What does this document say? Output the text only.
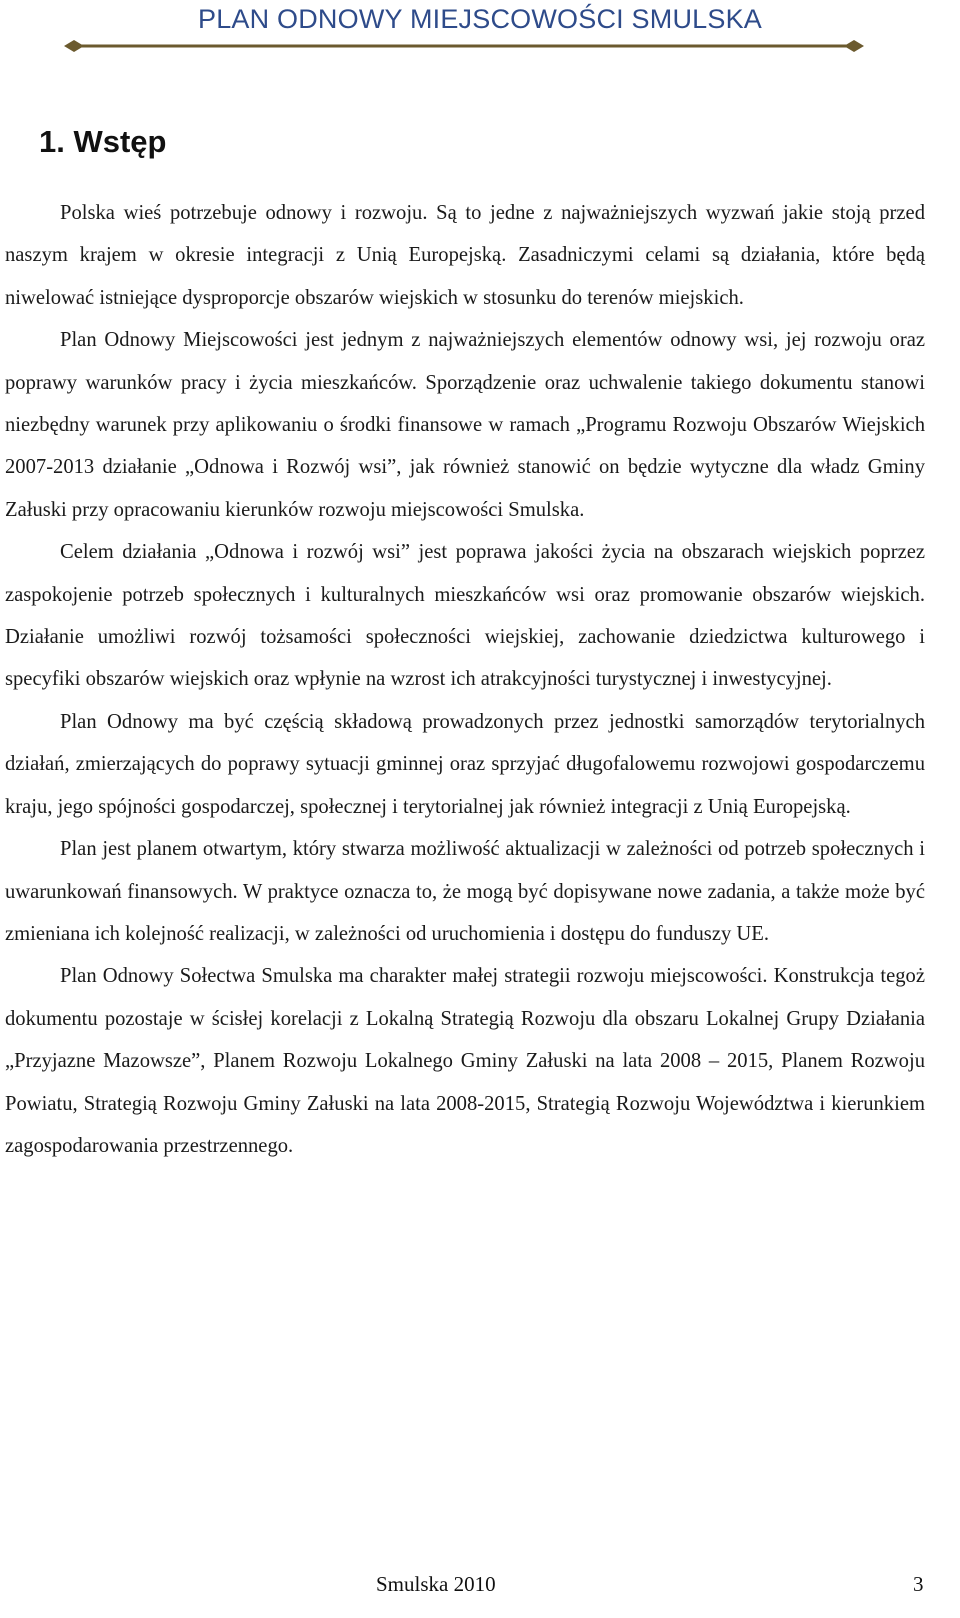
PLAN ODNOWY MIEJSCOWOŚCI SMULSKA
1. Wstęp

Polska wieś potrzebuje odnowy i rozwoju. Są to jedne z najważniejszych wyzwań jakie stoją przed naszym krajem w okresie integracji z Unią Europejską. Zasadniczymi celami są działania, które będą niwelować istniejące dysproporcje obszarów wiejskich w stosunku do terenów miejskich.

Plan Odnowy Miejscowości jest jednym z najważniejszych elementów odnowy wsi, jej rozwoju oraz poprawy warunków pracy i życia mieszkańców. Sporządzenie oraz uchwalenie takiego dokumentu stanowi niezbędny warunek przy aplikowaniu o środki finansowe w ramach „Programu Rozwoju Obszarów Wiejskich 2007-2013 działanie „Odnowa i Rozwój wsi”, jak również stanowić on będzie wytyczne dla władz Gminy Załuski przy opracowaniu kierunków rozwoju miejscowości Smulska.

Celem działania „Odnowa i rozwój wsi” jest poprawa jakości życia na obszarach wiejskich poprzez zaspokojenie potrzeb społecznych i kulturalnych mieszkańców wsi oraz promowanie obszarów wiejskich. Działanie umożliwi rozwój tożsamości społeczności wiejskiej, zachowanie dziedzictwa kulturowego i specyfiki obszarów wiejskich oraz wpłynie na wzrost ich atrakcyjności turystycznej i inwestycyjnej.

Plan Odnowy ma być częścią składową prowadzonych przez jednostki samorządów terytorialnych działań, zmierzających do poprawy sytuacji gminnej oraz sprzyjać długofalowemu rozwojowi gospodarczemu kraju, jego spójności gospodarczej, społecznej i terytorialnej jak również integracji z Unią Europejską.

Plan jest planem otwartym, który stwarza możliwość aktualizacji w zależności od potrzeb społecznych i uwarunkowań finansowych. W praktyce oznacza to, że mogą być dopisywane nowe zadania, a także może być zmieniana ich kolejność realizacji, w zależności od uruchomienia i dostępu do funduszy UE.

Plan Odnowy Sołectwa Smulska ma charakter małej strategii rozwoju miejscowości. Konstrukcja tegoż dokumentu pozostaje w ścisłej korelacji z Lokalną Strategią Rozwoju dla obszaru Lokalnej Grupy Działania „Przyjazne Mazowsze”, Planem Rozwoju Lokalnego Gminy Załuski na lata 2008 – 2015, Planem Rozwoju Powiatu, Strategią Rozwoju Gminy Załuski na lata 2008-2015, Strategią Rozwoju Województwa i kierunkiem zagospodarowania przestrzennego.

Smulska 2010	3
